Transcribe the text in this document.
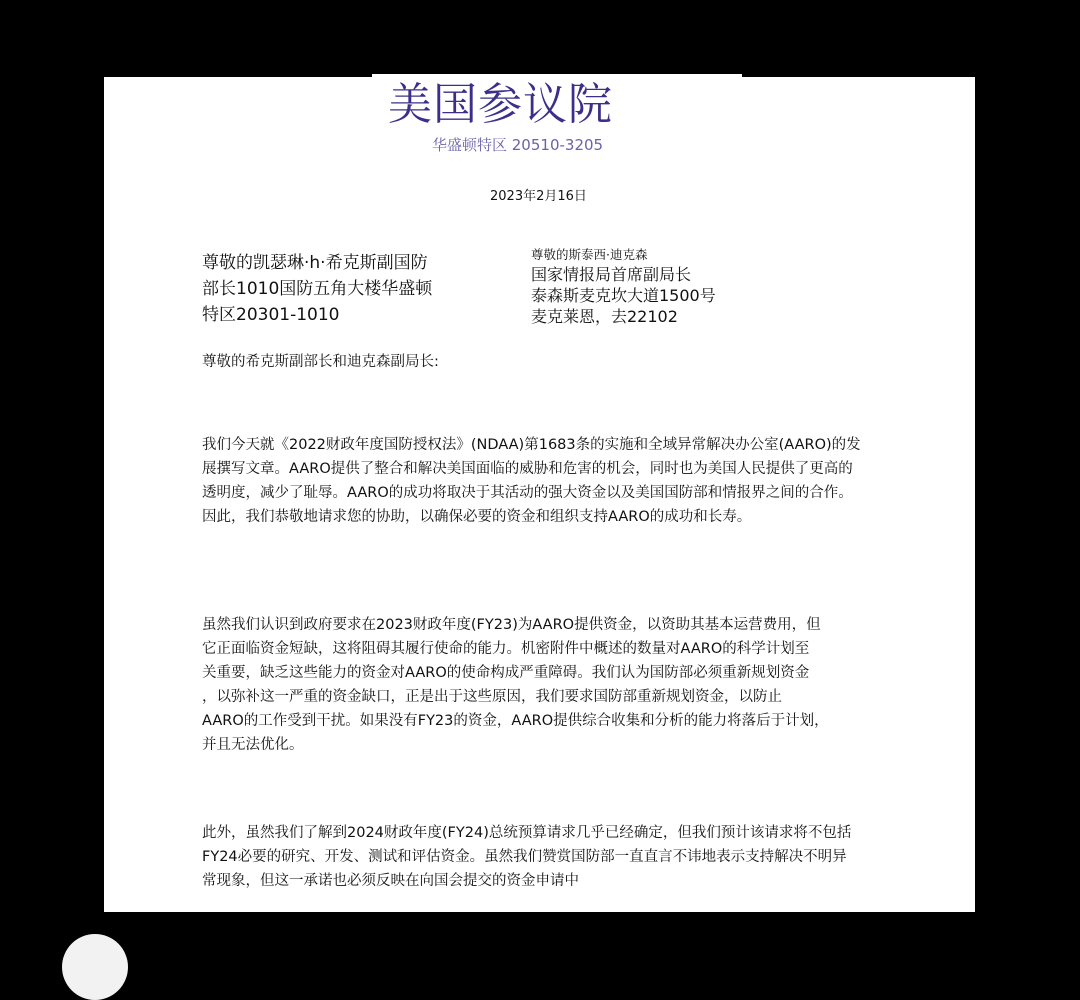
美国参议院
华盛顿特区 20510-3205
2023年2月16日
尊敬的凯瑟琳·h·希克斯副国防
部长1010国防五角大楼华盛顿
特区20301-1010
尊敬的斯泰西·迪克森
国家情报局首席副局长
泰森斯麦克坎大道1500号
麦克莱恩，去22102
尊敬的希克斯副部长和迪克森副局长:
我们今天就《2022财政年度国防授权法》(NDAA)第1683条的实施和全域异常解决办公室(AARO)的发
展撰写文章。AARO提供了整合和解决美国面临的威胁和危害的机会，同时也为美国人民提供了更高的
透明度，减少了耻辱。AARO的成功将取决于其活动的强大资金以及美国国防部和情报界之间的合作。
因此，我们恭敬地请求您的协助，以确保必要的资金和组织支持AARO的成功和长寿。
虽然我们认识到政府要求在2023财政年度(FY23)为AARO提供资金，以资助其基本运营费用，但
它正面临资金短缺，这将阻碍其履行使命的能力。机密附件中概述的数量对AARO的科学计划至
关重要，缺乏这些能力的资金对AARO的使命构成严重障碍。我们认为国防部必须重新规划资金
，以弥补这一严重的资金缺口，正是出于这些原因，我们要求国防部重新规划资金，以防止
AARO的工作受到干扰。如果没有FY23的资金，AARO提供综合收集和分析的能力将落后于计划，
并且无法优化。
此外，虽然我们了解到2024财政年度(FY24)总统预算请求几乎已经确定，但我们预计该请求将不包括
FY24必要的研究、开发、测试和评估资金。虽然我们赞赏国防部一直直言不讳地表示支持解决不明异
常现象，但这一承诺也必须反映在向国会提交的资金申请中
